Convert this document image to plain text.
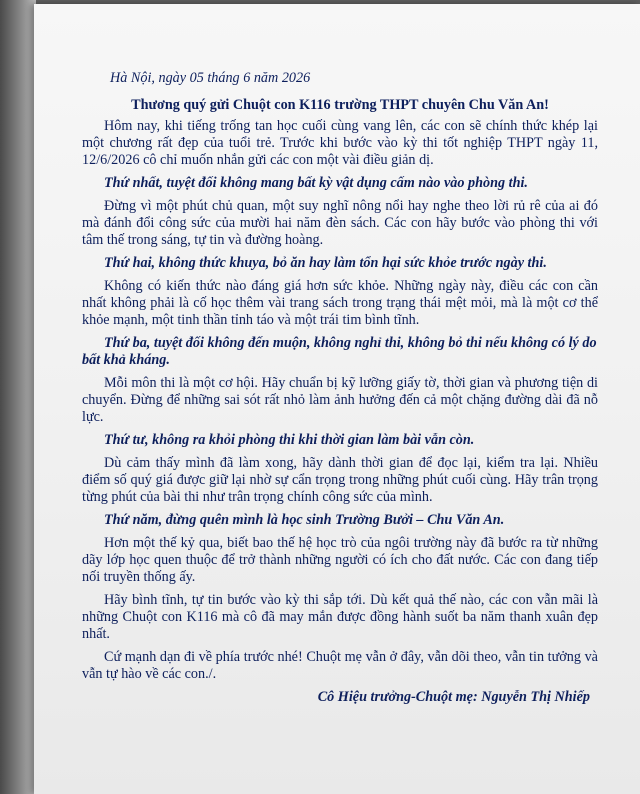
Hà Nội, ngày 05 tháng 6 năm 2026
Thương quý gửi Chuột con K116 trường THPT chuyên Chu Văn An!

Hôm nay, khi tiếng trống tan học cuối cùng vang lên, các con sẽ chính thức khép lại một chương rất đẹp của tuổi trẻ. Trước khi bước vào kỳ thi tốt nghiệp THPT ngày 11, 12/6/2026 cô chỉ muốn nhắn gửi các con một vài điều giản dị.

Thứ nhất, tuyệt đối không mang bất kỳ vật dụng cấm nào vào phòng thi.

Đừng vì một phút chủ quan, một suy nghĩ nông nổi hay nghe theo lời rủ rê của ai đó mà đánh đổi công sức của mười hai năm đèn sách. Các con hãy bước vào phòng thi với tâm thế trong sáng, tự tin và đường hoàng.

Thứ hai, không thức khuya, bỏ ăn hay làm tổn hại sức khỏe trước ngày thi.

Không có kiến thức nào đáng giá hơn sức khỏe. Những ngày này, điều các con cần nhất không phải là cố học thêm vài trang sách trong trạng thái mệt mỏi, mà là một cơ thể khỏe mạnh, một tinh thần tỉnh táo và một trái tim bình tĩnh.

Thứ ba, tuyệt đối không đến muộn, không nghỉ thi, không bỏ thi nếu không có lý do bất khả kháng.

Mỗi môn thi là một cơ hội. Hãy chuẩn bị kỹ lưỡng giấy tờ, thời gian và phương tiện di chuyển. Đừng để những sai sót rất nhỏ làm ảnh hưởng đến cả một chặng đường dài đã nỗ lực.

Thứ tư, không ra khỏi phòng thi khi thời gian làm bài vẫn còn.

Dù cảm thấy mình đã làm xong, hãy dành thời gian để đọc lại, kiểm tra lại. Nhiều điểm số quý giá được giữ lại nhờ sự cẩn trọng trong những phút cuối cùng. Hãy trân trọng từng phút của bài thi như trân trọng chính công sức của mình.

Thứ năm, đừng quên mình là học sinh Trường Bưởi – Chu Văn An.

Hơn một thế kỷ qua, biết bao thế hệ học trò của ngôi trường này đã bước ra từ những dãy lớp học quen thuộc để trở thành những người có ích cho đất nước. Các con đang tiếp nối truyền thống ấy.

Hãy bình tĩnh, tự tin bước vào kỳ thi sắp tới. Dù kết quả thế nào, các con vẫn mãi là những Chuột con K116 mà cô đã may mắn được đồng hành suốt ba năm thanh xuân đẹp nhất.

Cứ mạnh dạn đi về phía trước nhé! Chuột mẹ vẫn ở đây, vẫn dõi theo, vẫn tin tưởng và vẫn tự hào về các con./.

Cô Hiệu trưởng-Chuột mẹ: Nguyễn Thị Nhiếp
